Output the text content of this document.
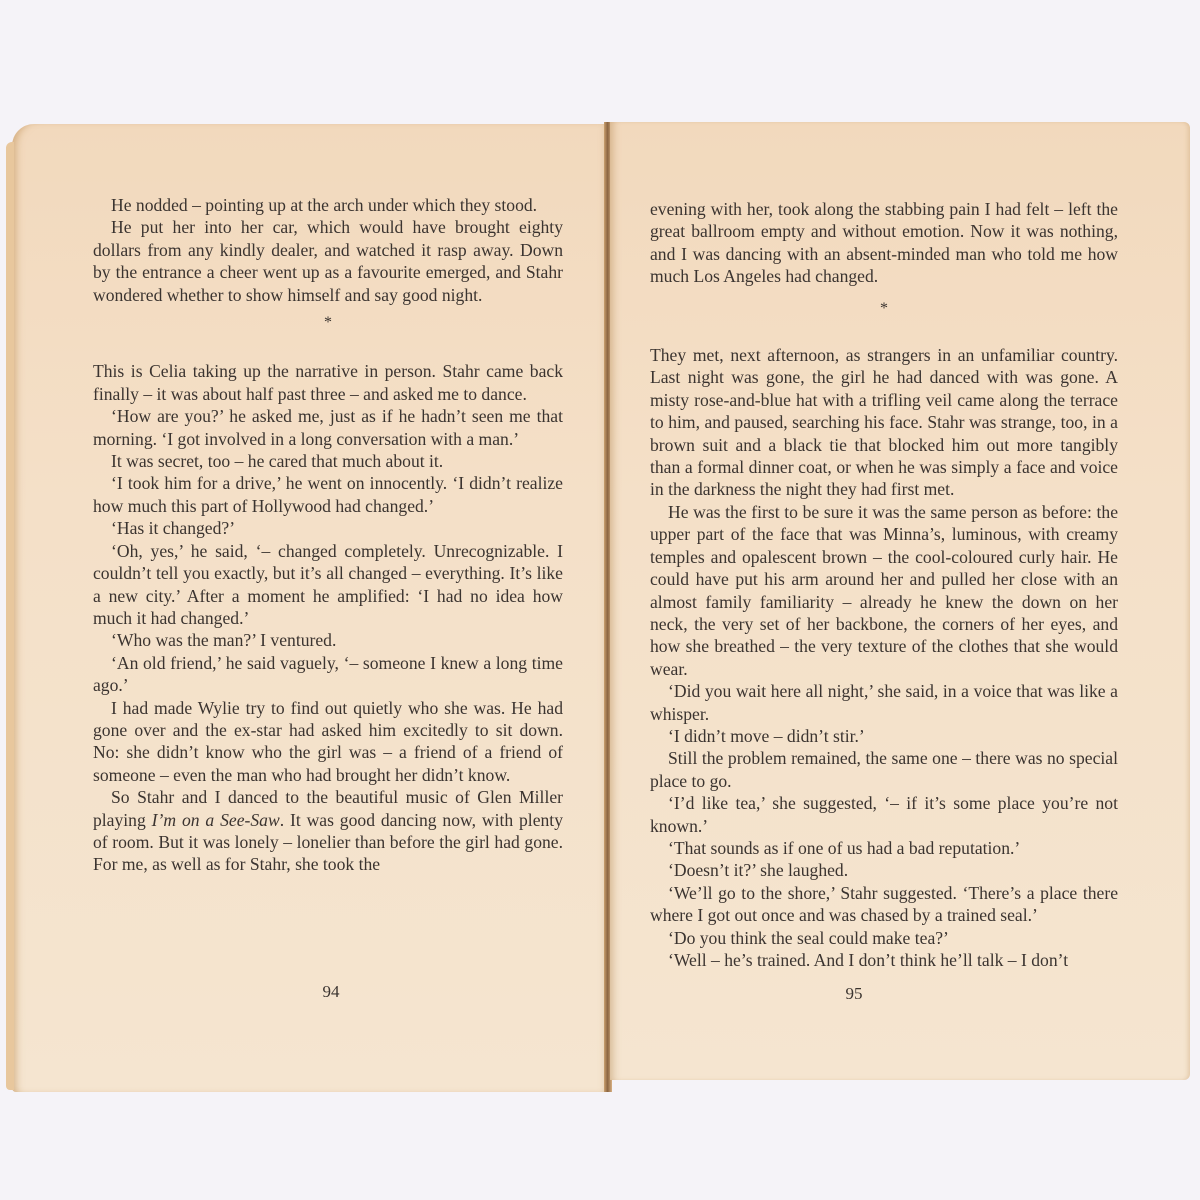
He nodded – pointing up at the arch under which they stood.

He put her into her car, which would have brought eighty dollars from any kindly dealer, and watched it rasp away. Down by the entrance a cheer went up as a favourite emerged, and Stahr wondered whether to show himself and say good night.

*

This is Celia taking up the narrative in person. Stahr came back finally – it was about half past three – and asked me to dance.

‘How are you?’ he asked me, just as if he hadn’t seen me that morning. ‘I got involved in a long conversation with a man.’

It was secret, too – he cared that much about it.

‘I took him for a drive,’ he went on innocently. ‘I didn’t realize how much this part of Hollywood had changed.’

‘Has it changed?’

‘Oh, yes,’ he said, ‘– changed completely. Unrecognizable. I couldn’t tell you exactly, but it’s all changed – everything. It’s like a new city.’ After a moment he amplified: ‘I had no idea how much it had changed.’

‘Who was the man?’ I ventured.

‘An old friend,’ he said vaguely, ‘– someone I knew a long time ago.’

I had made Wylie try to find out quietly who she was. He had gone over and the ex-star had asked him excitedly to sit down. No: she didn’t know who the girl was – a friend of a friend of someone – even the man who had brought her didn’t know.

So Stahr and I danced to the beautiful music of Glen Miller playing I’m on a See-Saw. It was good dancing now, with plenty of room. But it was lonely – lonelier than before the girl had gone. For me, as well as for Stahr, she took the

94

evening with her, took along the stabbing pain I had felt – left the great ballroom empty and without emotion. Now it was nothing, and I was dancing with an absent-minded man who told me how much Los Angeles had changed.

*

They met, next afternoon, as strangers in an unfamiliar country. Last night was gone, the girl he had danced with was gone. A misty rose-and-blue hat with a trifling veil came along the terrace to him, and paused, searching his face. Stahr was strange, too, in a brown suit and a black tie that blocked him out more tangibly than a formal dinner coat, or when he was simply a face and voice in the darkness the night they had first met.

He was the first to be sure it was the same person as before: the upper part of the face that was Minna’s, luminous, with creamy temples and opalescent brown – the cool-coloured curly hair. He could have put his arm around her and pulled her close with an almost family familiarity – already he knew the down on her neck, the very set of her backbone, the corners of her eyes, and how she breathed – the very texture of the clothes that she would wear.

‘Did you wait here all night,’ she said, in a voice that was like a whisper.

‘I didn’t move – didn’t stir.’

Still the problem remained, the same one – there was no special place to go.

‘I’d like tea,’ she suggested, ‘– if it’s some place you’re not known.’

‘That sounds as if one of us had a bad reputation.’

‘Doesn’t it?’ she laughed.

‘We’ll go to the shore,’ Stahr suggested. ‘There’s a place there where I got out once and was chased by a trained seal.’

‘Do you think the seal could make tea?’

‘Well – he’s trained. And I don’t think he’ll talk – I don’t

95
